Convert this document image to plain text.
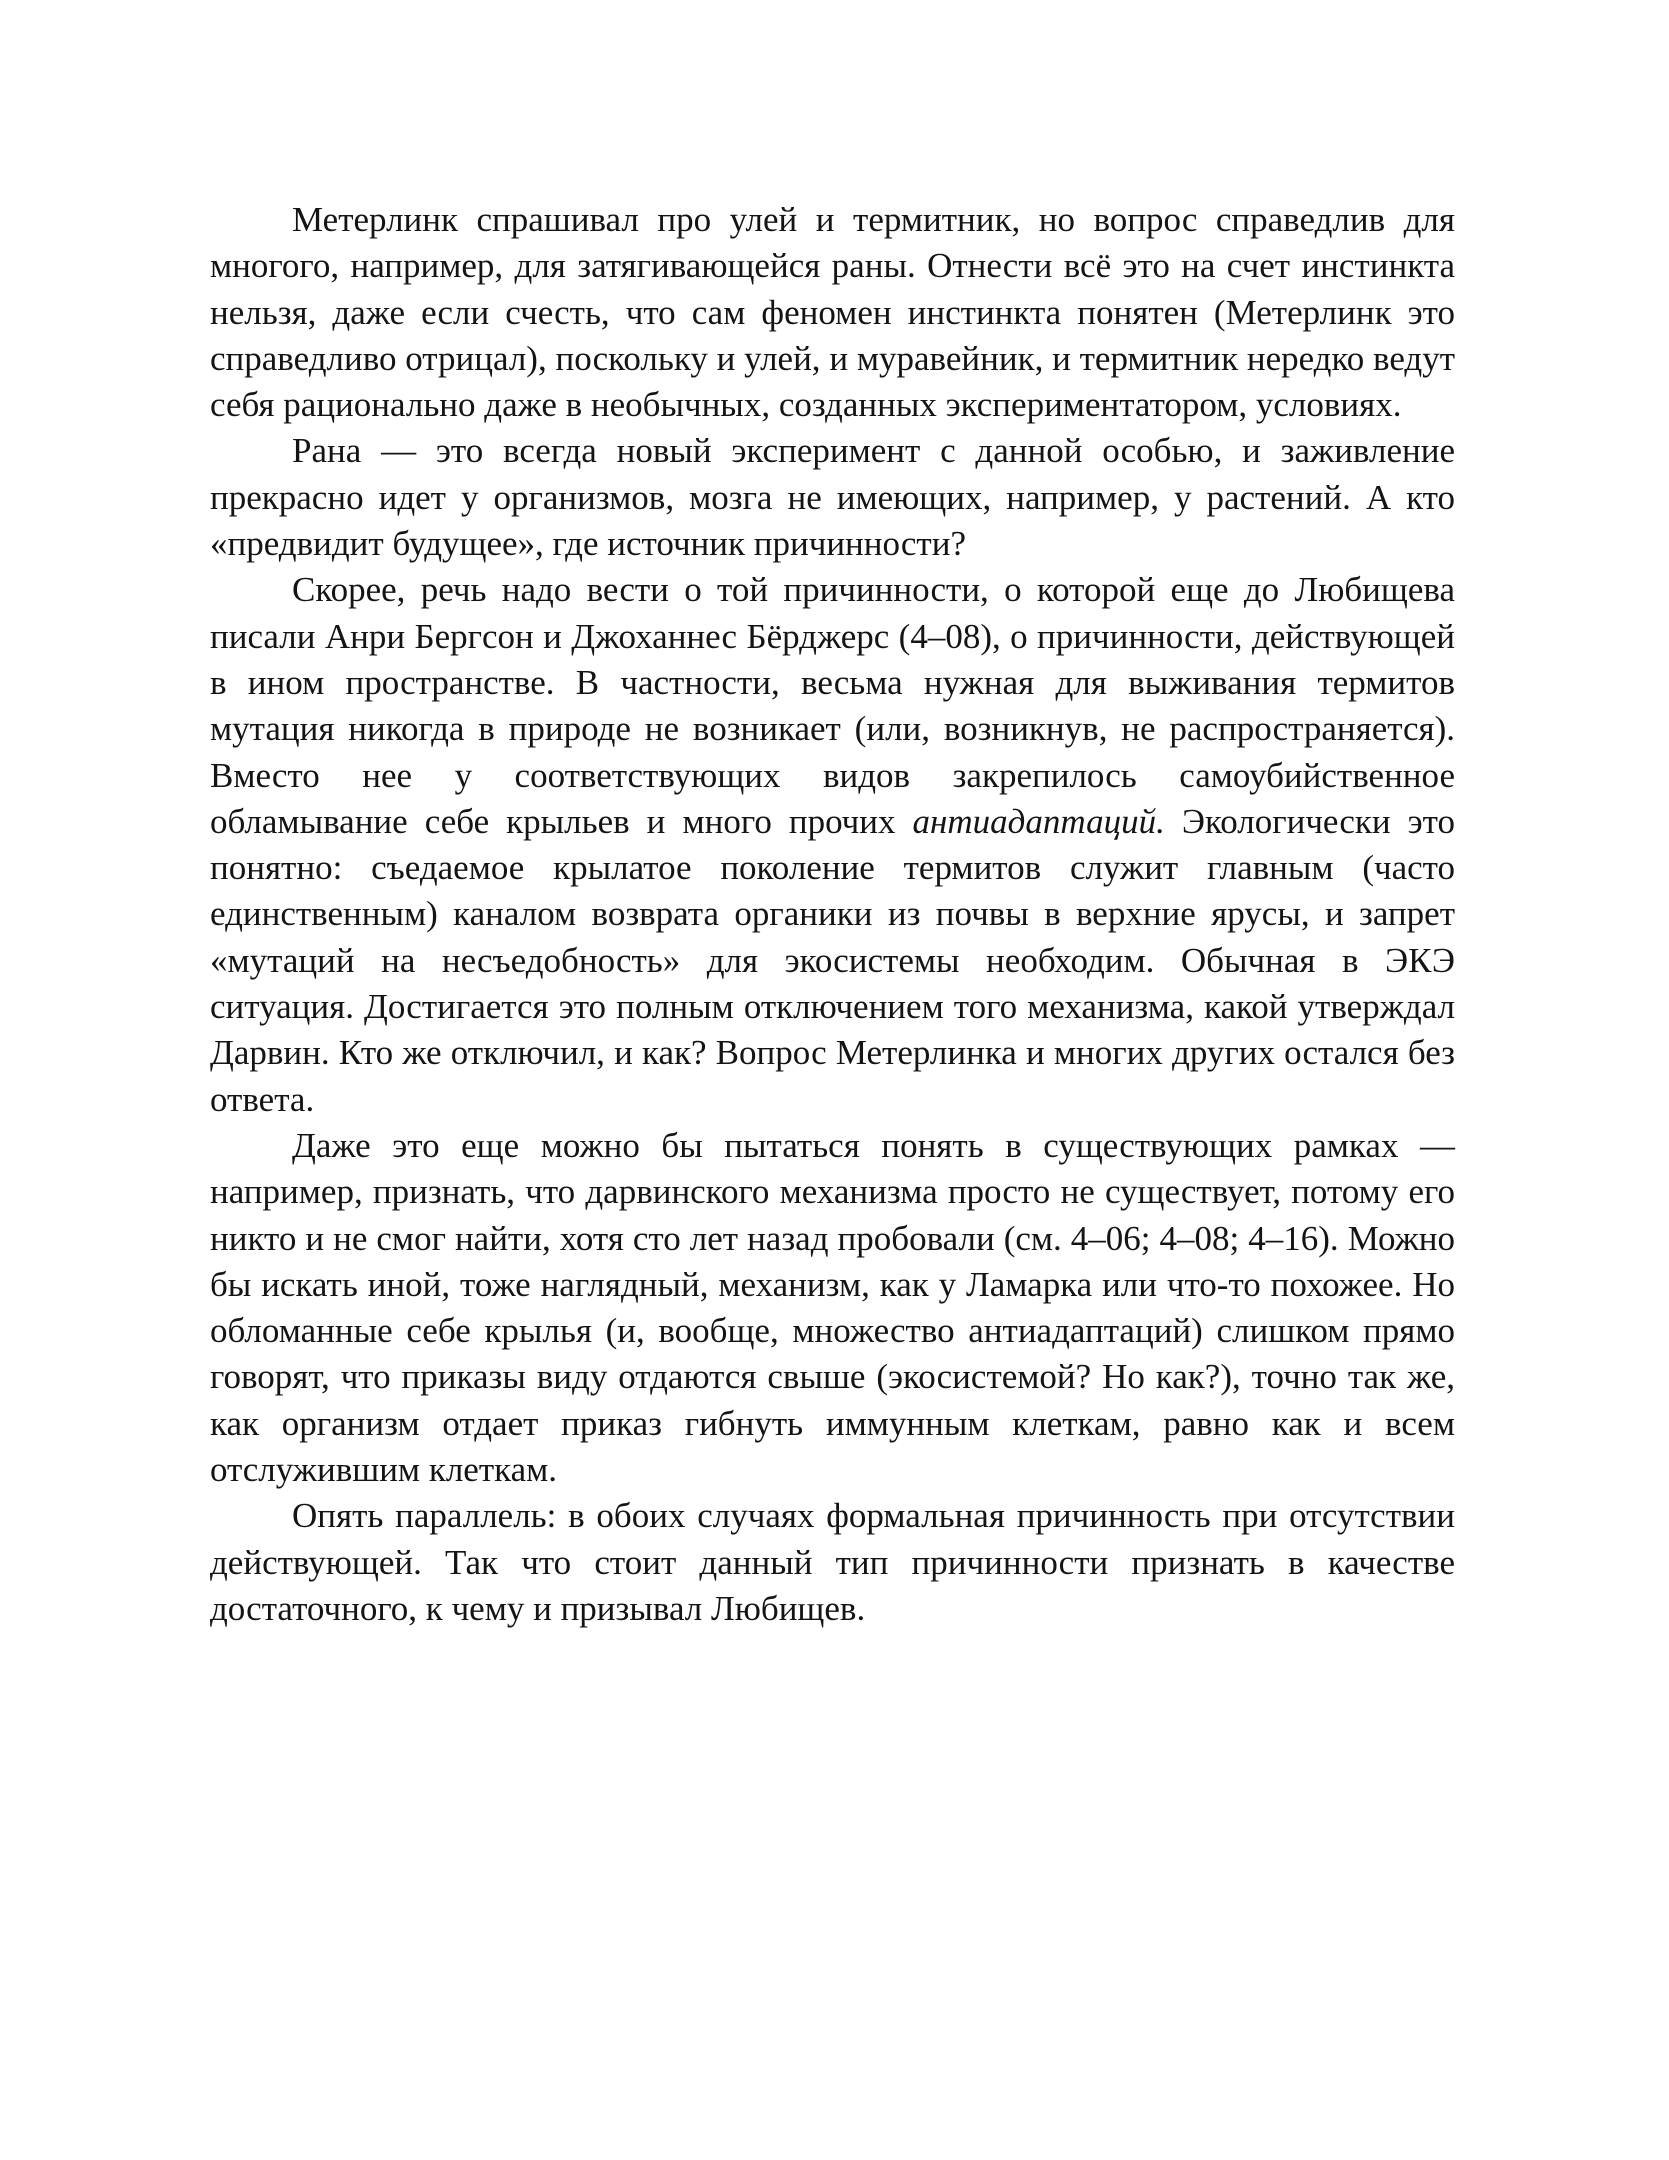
Метерлинк спрашивал про улей и термитник, но вопрос справедлив для многого, например, для затягивающейся раны. Отнести всё это на счет инстинкта нельзя, даже если счесть, что сам феномен инстинкта понятен (Метерлинк это справедливо отрицал), поскольку и улей, и муравейник, и термитник нередко ведут себя рационально даже в необычных, созданных экспериментатором, условиях.

Рана — это всегда новый эксперимент с данной особью, и заживление прекрасно идет у организмов, мозга не имеющих, например, у растений. А кто «предвидит будущее», где источник причинности?

Скорее, речь надо вести о той причинности, о которой еще до Любищева писали Анри Бергсон и Джоханнес Бёрджерс (4–08), о причинности, действующей в ином пространстве. В частности, весьма нужная для выживания термитов мутация никогда в природе не возникает (или, возникнув, не распространяется). Вместо нее у соответствующих видов закрепилось самоубийственное обламывание себе крыльев и много прочих антиадаптаций. Экологически это понятно: съедаемое крылатое поколение термитов служит главным (часто единственным) каналом возврата органики из почвы в верхние ярусы, и запрет «мутаций на несъедобность» для экосистемы необходим. Обычная в ЭКЭ ситуация. Достигается это полным отключением того механизма, какой утверждал Дарвин. Кто же отключил, и как? Вопрос Метерлинка и многих других остался без ответа.

Даже это еще можно бы пытаться понять в существующих рамках — например, признать, что дарвинского механизма просто не существует, потому его никто и не смог найти, хотя сто лет назад пробовали (см. 4–06; 4–08; 4–16). Можно бы искать иной, тоже наглядный, механизм, как у Ламарка или что-то похожее. Но обломанные себе крылья (и, вообще, множество антиадаптаций) слишком прямо говорят, что приказы виду отдаются свыше (экосистемой? Но как?), точно так же, как организм отдает приказ гибнуть иммунным клеткам, равно как и всем отслужившим клеткам.

Опять параллель: в обоих случаях формальная причинность при отсутствии действующей. Так что стоит данный тип причинности признать в качестве достаточного, к чему и призывал Любищев.
